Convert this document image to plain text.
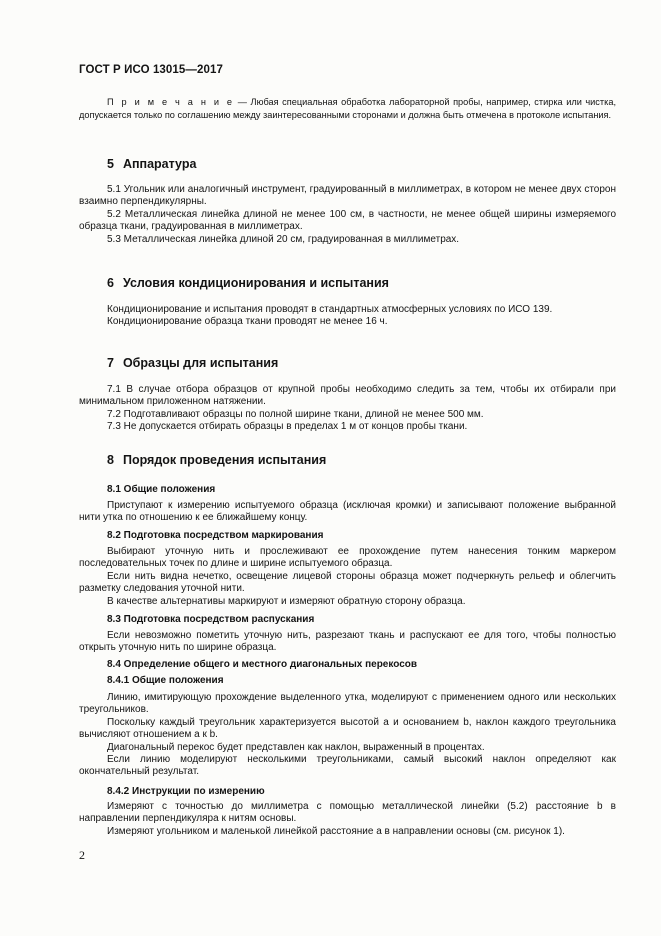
ГОСТ Р ИСО 13015—2017

П р и м е ч а н и е — Любая специальная обработка лабораторной пробы, например, стирка или чистка, допускается только по соглашению между заинтересованными сторонами и должна быть отмечена в протоколе испытания.

5 Аппаратура

5.1 Угольник или аналогичный инструмент, градуированный в миллиметрах, в котором не менее двух сторон взаимно перпендикулярны.

5.2 Металлическая линейка длиной не менее 100 см, в частности, не менее общей ширины измеряемого образца ткани, градуированная в миллиметрах.

5.3 Металлическая линейка длиной 20 см, градуированная в миллиметрах.

6 Условия кондиционирования и испытания

Кондиционирование и испытания проводят в стандартных атмосферных условиях по ИСО 139.

Кондиционирование образца ткани проводят не менее 16 ч.

7 Образцы для испытания

7.1 В случае отбора образцов от крупной пробы необходимо следить за тем, чтобы их отбирали при минимальном приложенном натяжении.

7.2 Подготавливают образцы по полной ширине ткани, длиной не менее 500 мм.

7.3 Не допускается отбирать образцы в пределах 1 м от концов пробы ткани.

8 Порядок проведения испытания
8.1 Общие положения

Приступают к измерению испытуемого образца (исключая кромки) и записывают положение выбранной нити утка по отношению к ее ближайшему концу.

8.2 Подготовка посредством маркирования

Выбирают уточную нить и прослеживают ее прохождение путем нанесения тонким маркером последовательных точек по длине и ширине испытуемого образца.

Если нить видна нечетко, освещение лицевой стороны образца может подчеркнуть рельеф и облегчить разметку следования уточной нити.

В качестве альтернативы маркируют и измеряют обратную сторону образца.

8.3 Подготовка посредством распускания

Если невозможно пометить уточную нить, разрезают ткань и распускают ее для того, чтобы полностью открыть уточную нить по ширине образца.

8.4 Определение общего и местного диагональных перекосов
8.4.1 Общие положения

Линию, имитирующую прохождение выделенного утка, моделируют с применением одного или нескольких треугольников.

Поскольку каждый треугольник характеризуется высотой a и основанием b, наклон каждого треугольника вычисляют отношением a к b.

Диагональный перекос будет представлен как наклон, выраженный в процентах.

Если линию моделируют несколькими треугольниками, самый высокий наклон определяют как окончательный результат.

8.4.2 Инструкции по измерению

Измеряют с точностью до миллиметра с помощью металлической линейки (5.2) расстояние b в направлении перпендикуляра к нитям основы.

Измеряют угольником и маленькой линейкой расстояние a в направлении основы (см. рисунок 1).

2
